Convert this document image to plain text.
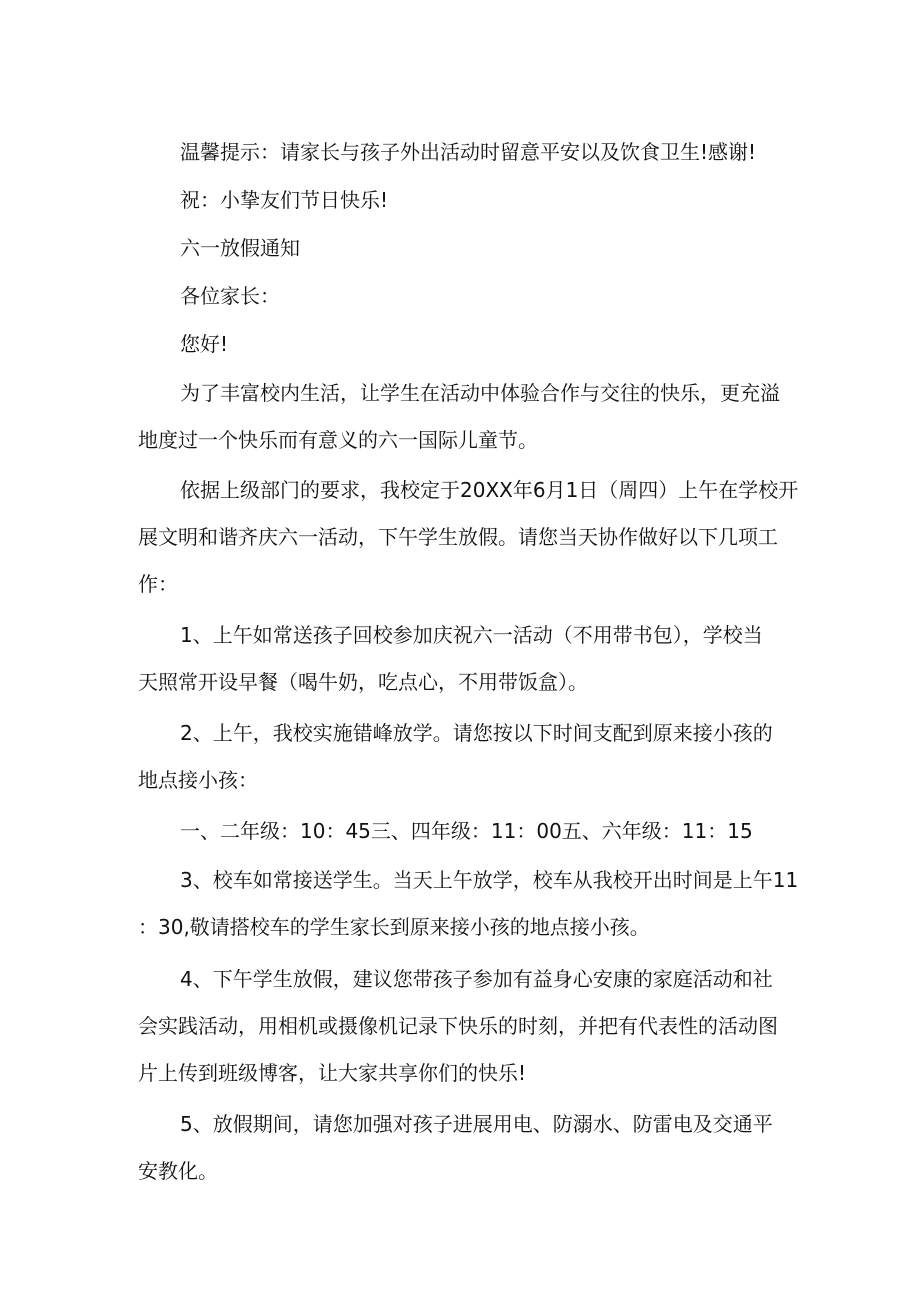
温馨提示：请家长与孩子外出活动时留意平安以及饮食卫生!感谢!
祝：小挚友们节日快乐!
六一放假通知
各位家长：
您好!
为了丰富校内生活，让学生在活动中体验合作与交往的快乐，更充溢
地度过一个快乐而有意义的六一国际儿童节。
依据上级部门的要求，我校定于20XX年6月1日（周四）上午在学校开
展文明和谐齐庆六一活动，下午学生放假。请您当天协作做好以下几项工
作：
1、上午如常送孩子回校参加庆祝六一活动（不用带书包），学校当
天照常开设早餐（喝牛奶，吃点心，不用带饭盒）。
2、上午，我校实施错峰放学。请您按以下时间支配到原来接小孩的
地点接小孩：
一、二年级：10：45三、四年级：11：00五、六年级：11：15
3、校车如常接送学生。当天上午放学，校车从我校开出时间是上午11
：30,敬请搭校车的学生家长到原来接小孩的地点接小孩。
4、下午学生放假，建议您带孩子参加有益身心安康的家庭活动和社
会实践活动，用相机或摄像机记录下快乐的时刻，并把有代表性的活动图
片上传到班级博客，让大家共享你们的快乐!
5、放假期间，请您加强对孩子进展用电、防溺水、防雷电及交通平
安教化。
